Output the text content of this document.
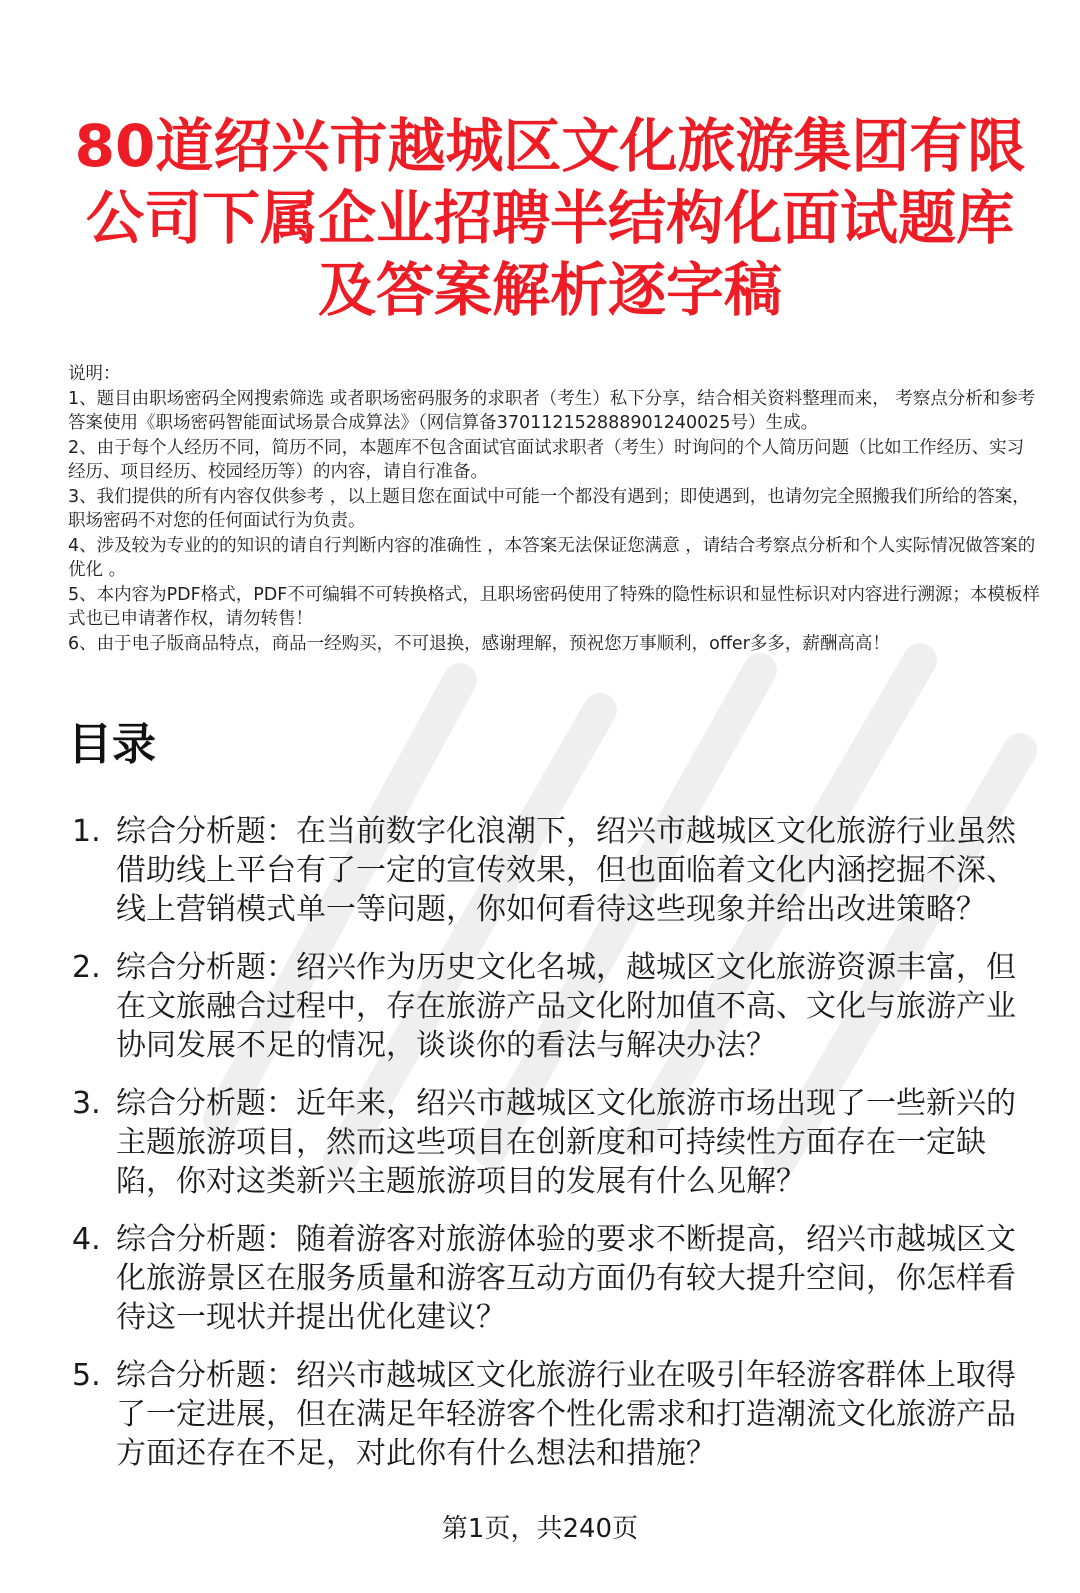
80道绍兴市越城区文化旅游集团有限公司下属企业招聘半结构化面试题库及答案解析逐字稿

说明：

1、题目由职场密码全网搜索筛选 或者职场密码服务的求职者（考生）私下分享，结合相关资料整理而来， 考察点分析和参考答案使用《职场密码智能面试场景合成算法》（网信算备370112152888901240025号）生成。

2、由于每个人经历不同，简历不同，本题库不包含面试官面试求职者（考生）时询问的个人简历问题（比如工作经历、实习经历、项目经历、校园经历等）的内容，请自行准备。

3、我们提供的所有内容仅供参考 ，以上题目您在面试中可能一个都没有遇到；即使遇到，也请勿完全照搬我们所给的答案，职场密码不对您的任何面试行为负责。

4、涉及较为专业的的知识的请自行判断内容的准确性 ，本答案无法保证您满意 ，请结合考察点分析和个人实际情况做答案的优化 。

5、本内容为PDF格式，PDF不可编辑不可转换格式，且职场密码使用了特殊的隐性标识和显性标识对内容进行溯源；本模板样式也已申请著作权，请勿转售！

6、由于电子版商品特点，商品一经购买，不可退换，感谢理解，预祝您万事顺利，offer多多，薪酬高高！

目录
1. 综合分析题：在当前数字化浪潮下，绍兴市越城区文化旅游行业虽然借助线上平台有了一定的宣传效果，但也面临着文化内涵挖掘不深、线上营销模式单一等问题，你如何看待这些现象并给出改进策略？
2. 综合分析题：绍兴作为历史文化名城，越城区文化旅游资源丰富，但在文旅融合过程中，存在旅游产品文化附加值不高、文化与旅游产业协同发展不足的情况，谈谈你的看法与解决办法？
3. 综合分析题：近年来，绍兴市越城区文化旅游市场出现了一些新兴的主题旅游项目，然而这些项目在创新度和可持续性方面存在一定缺陷，你对这类新兴主题旅游项目的发展有什么见解？
4. 综合分析题：随着游客对旅游体验的要求不断提高，绍兴市越城区文化旅游景区在服务质量和游客互动方面仍有较大提升空间，你怎样看待这一现状并提出优化建议？
5. 综合分析题：绍兴市越城区文化旅游行业在吸引年轻游客群体上取得了一定进展，但在满足年轻游客个性化需求和打造潮流文化旅游产品方面还存在不足，对此你有什么想法和措施？
第1页，共240页
